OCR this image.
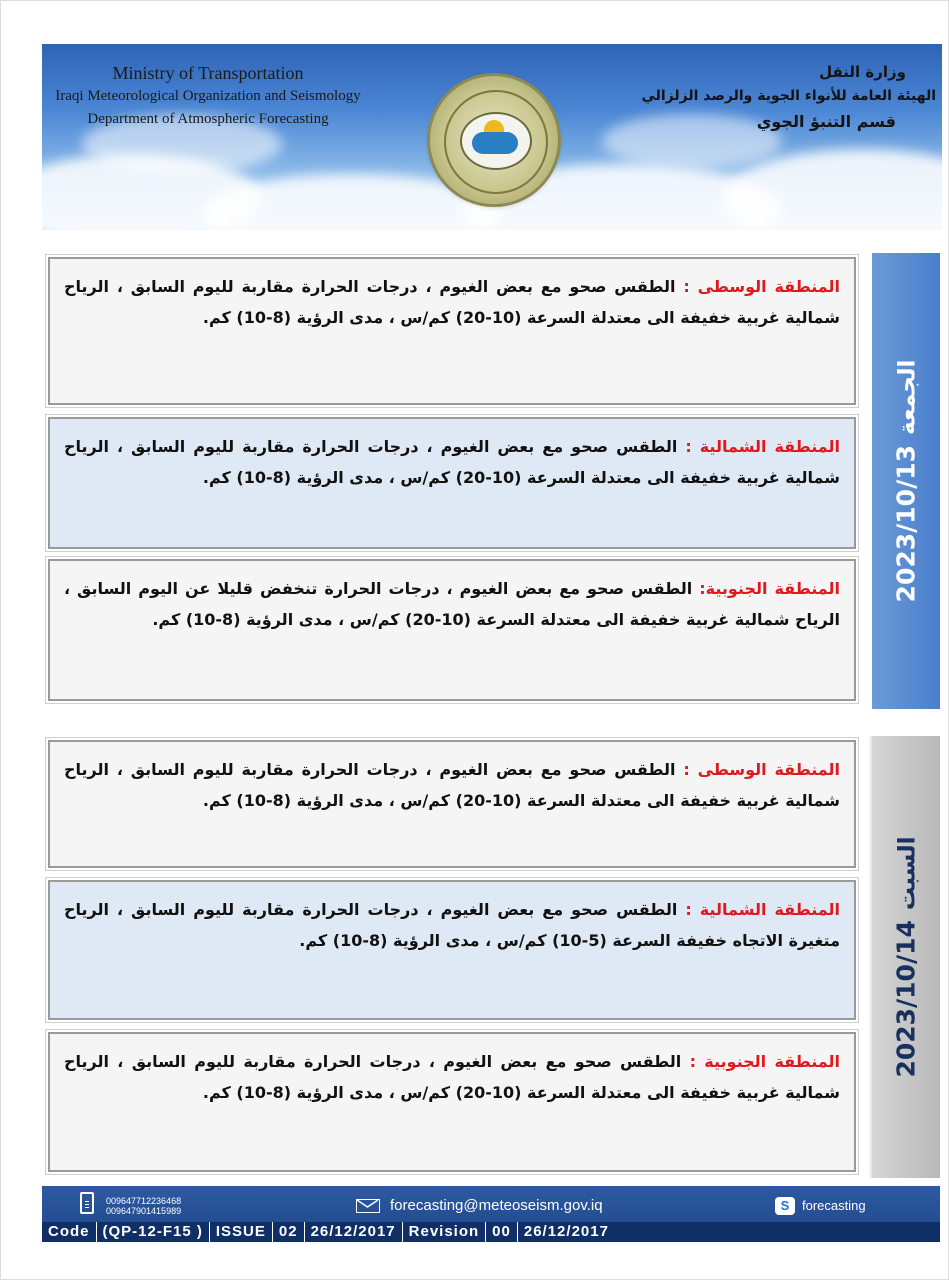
Ministry of Transportation
Iraqi Meteorological Organization and Seismology
Department of Atmospheric Forecasting
وزارة النقل
الهيئة العامة للأنواء الجوية والرصد الزلزالي
قسم التنبؤ الجوي
المنطقة الوسطى : الطقس صحو مع بعض الغيوم ، درجات الحرارة مقاربة لليوم السابق ، الرياح شمالية غربية خفيفة الى معتدلة السرعة (10-20) كم/س ، مدى الرؤية (8-10) كم.
المنطقة الشمالية : الطقس صحو مع بعض الغيوم ، درجات الحرارة مقاربة لليوم السابق ، الرياح شمالية غربية خفيفة الى معتدلة السرعة (10-20) كم/س ، مدى الرؤية (8-10) كم.
المنطقة الجنوبية: الطقس صحو مع بعض الغيوم ، درجات الحرارة تنخفض قليلا عن اليوم السابق ، الرياح شمالية غربية خفيفة الى معتدلة السرعة (10-20) كم/س ، مدى الرؤية (8-10) كم.
2023/10/13الجمعة
المنطقة الوسطى : الطقس صحو مع بعض الغيوم ، درجات الحرارة مقاربة لليوم السابق ، الرياح شمالية غربية خفيفة الى معتدلة السرعة (10-20) كم/س ، مدى الرؤية (8-10) كم.
المنطقة الشمالية : الطقس صحو مع بعض الغيوم ، درجات الحرارة مقاربة لليوم السابق ، الرياح متغيرة الاتجاه خفيفة السرعة (5-10) كم/س ، مدى الرؤية (8-10) كم.
المنطقة الجنوبية : الطقس صحو مع بعض الغيوم ، درجات الحرارة مقاربة لليوم السابق ، الرياح شمالية غربية خفيفة الى معتدلة السرعة (10-20) كم/س ، مدى الرؤية (8-10) كم.
2023/10/14السبت
009647712236468
009647901415989	forecasting@meteoseism.gov.iq	S forecasting
Code (QP-12-F15 ) ISSUE 02 26/12/2017 Revision 00 26/12/2017
